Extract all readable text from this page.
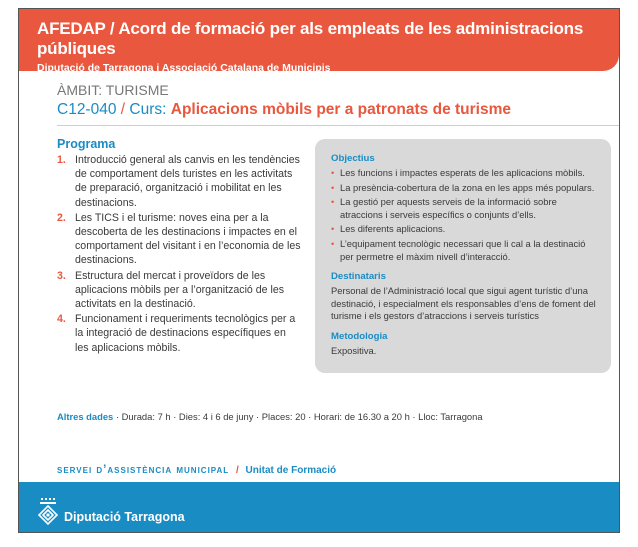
AFEDAP / Acord de formació per als empleats de les administracions públiques
Diputació de Tarragona i Associació Catalana de Municipis
ÀMBIT: TURISME
C12-040 / Curs: Aplicacions mòbils per a patronats de turisme
Programa
1. Introducció general als canvis en les tendències de comportament dels turistes en les activitats de preparació, organització i mobilitat en les destinacions.
2. Les TICS i el turisme: noves eina per a la descoberta de les destinacions i impactes en el comportament del visitant i en l’economia de les destinacions.
3. Estructura del mercat i proveïdors de les aplicacions mòbils per a l’organització de les activitats en la destinació.
4. Funcionament i requeriments tecnològics per a la integració de destinacions específiques en les aplicacions mòbils.
Objectius
• Les funcions i impactes esperats de les aplicacions mòbils.
• La presència-cobertura de la zona en les apps més populars.
• La gestió per aquests serveis de la informació sobre atraccions i serveis específics o conjunts d’ells.
• Les diferents aplicacions.
• L’equipament tecnològic necessari que li cal a la destinació per permetre el màxim nivell d’interacció.
Destinataris

Personal de l’Administració local que sigui agent turístic d’una destinació, i especialment els responsables d’ens de foment del turisme i els gestors d’atraccions i serveis turístics

Metodologia

Expositiva.

Altres dades · Durada: 7 h · Dies: 4 i 6 de juny · Places: 20 · Horari: de 16.30 a 20 h · Lloc: Tarragona
servei d’assistència municipal / Unitat de Formació
Diputació Tarragona
